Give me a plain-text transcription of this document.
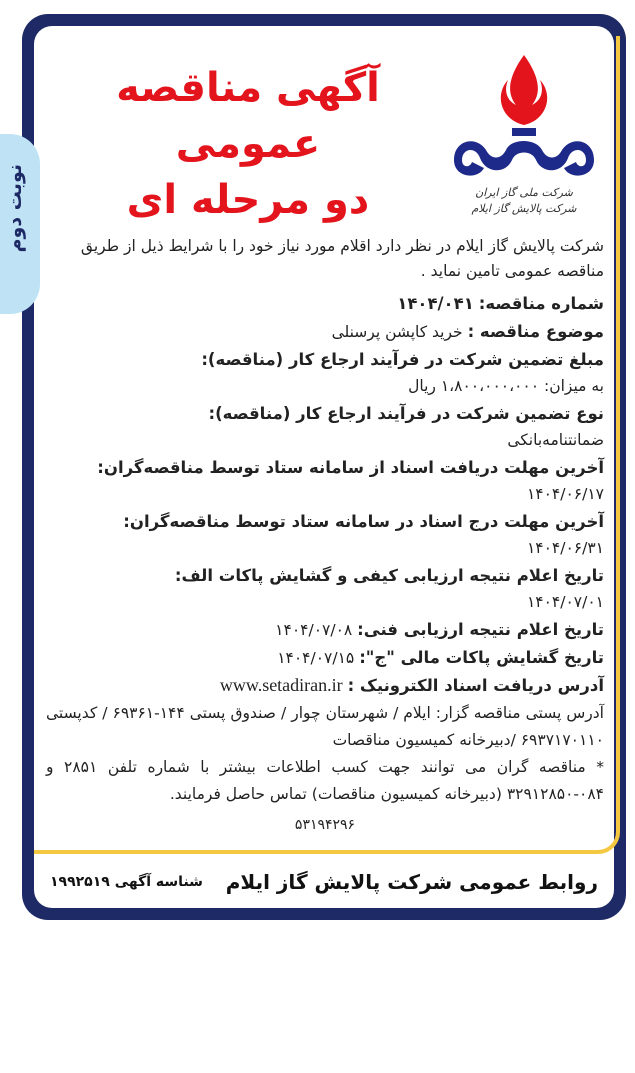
نوبت دوم	شرکت ملی گاز ایران
شرکت پالایش گاز ایلام
آگهی مناقصه عمومی
دو مرحله ای
شرکت پالایش گاز ایلام در نظر دارد اقلام مورد نیاز خود را با شرایط ذیل از طریق مناقصه عمومی تامین نماید .
شماره مناقصه: ۱۴۰۴/۰۴۱
موضوع مناقصه : خرید کاپشن پرسنلی
مبلغ تضمین شرکت در فرآیند ارجاع کار (مناقصه):
به میزان: ۱،۸۰۰،۰۰۰،۰۰۰ ریال
نوع تضمین شرکت در فرآیند ارجاع کار (مناقصه):
ضمانتنامه‌بانکی
آخرین مهلت دریافت اسناد از سامانه ستاد توسط مناقصه‌گران:
۱۴۰۴/۰۶/۱۷
آخرین مهلت درج اسناد در سامانه ستاد توسط مناقصه‌گران:
۱۴۰۴/۰۶/۳۱
تاریخ اعلام نتیجه ارزیابی کیفی و گشایش پاکات الف:
۱۴۰۴/۰۷/۰۱
تاریخ اعلام نتیجه ارزیابی فنی: ۱۴۰۴/۰۷/۰۸
تاریخ گشایش پاکات مالی "ج": ۱۴۰۴/۰۷/۱۵
آدرس دریافت اسناد الکترونیک : www.setadiran.ir
آدرس پستی مناقصه گزار: ایلام / شهرستان چوار / صندوق پستی ۱۴۴-۶۹۳۶۱ / کدپستی ۶۹۳۷۱۷۰۱۱۰ /دبیرخانه کمیسیون مناقصات
* مناقصه گران می توانند جهت کسب اطلاعات بیشتر با شماره تلفن ۲۸۵۱ و ۰۸۴-۳۲۹۱۲۸۵۰ (دبیرخانه کمیسیون مناقصات) تماس حاصل فرمایند.
۵۳۱۹۴۲۹۶
روابط عمومی شرکت پالایش گاز ایلام
شناسه آگهی ۱۹۹۲۵۱۹
